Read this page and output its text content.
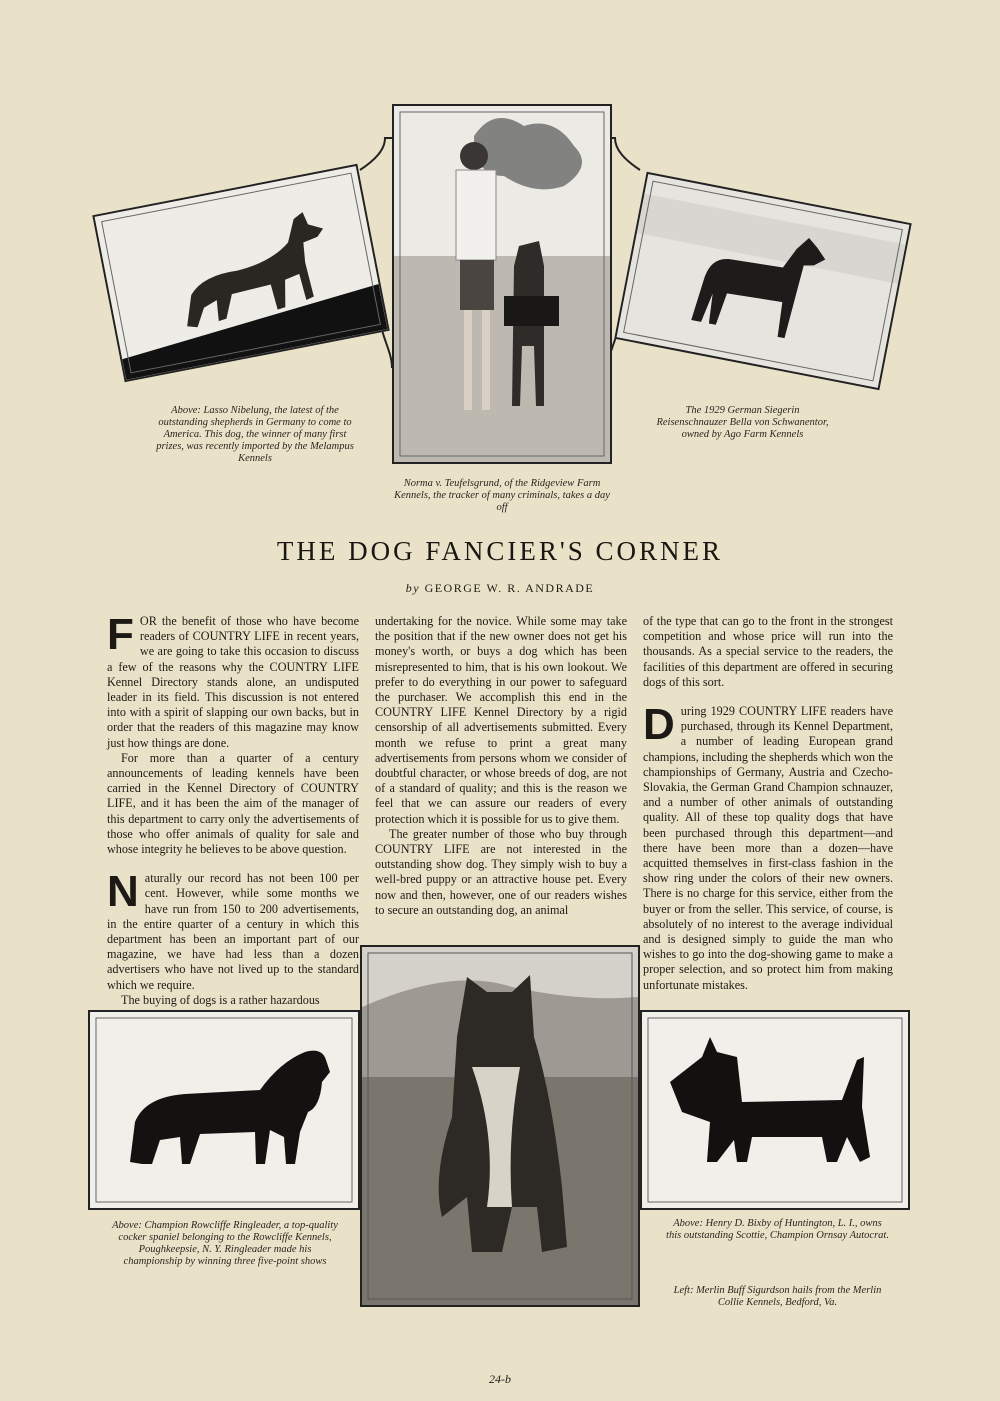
Above: Lasso Nibelung, the latest of the outstanding shepherds in Germany to come to America. This dog, the winner of many first prizes, was recently imported by the Melampus Kennels
Norma v. Teufelsgrund, of the Ridgeview Farm Kennels, the tracker of many criminals, takes a day off
The 1929 German Siegerin Reisenschnauzer Bella von Schwanentor, owned by Ago Farm Kennels
THE DOG FANCIER'S CORNER
by GEORGE W. R. ANDRADE

FOR the benefit of those who have become readers of COUNTRY LIFE in recent years, we are going to take this occasion to discuss a few of the reasons why the COUNTRY LIFE Kennel Directory stands alone, an undisputed leader in its field. This discussion is not entered into with a spirit of slapping our own backs, but in order that the readers of this magazine may know just how things are done.

For more than a quarter of a century announcements of leading kennels have been carried in the Kennel Directory of COUNTRY LIFE, and it has been the aim of the manager of this department to carry only the advertisements of those who offer animals of quality for sale and whose integrity he believes to be above question.

Naturally our record has not been 100 per cent. However, while some months we have run from 150 to 200 advertisements, in the entire quarter of a century in which this department has been an important part of our magazine, we have had less than a dozen advertisers who have not lived up to the standard which we require.

The buying of dogs is a rather hazardous

undertaking for the novice. While some may take the position that if the new owner does not get his money's worth, or buys a dog which has been misrepresented to him, that is his own lookout. We prefer to do everything in our power to safeguard the purchaser. We accomplish this end in the COUNTRY LIFE Kennel Directory by a rigid censorship of all advertisements submitted. Every month we refuse to print a great many advertisements from persons whom we consider of doubtful character, or whose breeds of dog, are not of a standard of quality; and this is the reason we feel that we can assure our readers of every protection which it is possible for us to give them.

The greater number of those who buy through COUNTRY LIFE are not interested in the outstanding show dog. They simply wish to buy a well-bred puppy or an attractive house pet. Every now and then, however, one of our readers wishes to secure an outstanding dog, an animal

of the type that can go to the front in the strongest competition and whose price will run into the thousands. As a special service to the readers, the facilities of this department are offered in securing dogs of this sort.

During 1929 COUNTRY LIFE readers have purchased, through its Kennel Department, a number of leading European grand champions, including the shepherds which won the championships of Germany, Austria and Czecho-Slovakia, the German Grand Champion schnauzer, and a number of other animals of outstanding quality. All of these top quality dogs that have been purchased through this department—and there have been more than a dozen—have acquitted themselves in first-class fashion in the show ring under the colors of their new owners. There is no charge for this service, either from the buyer or from the seller. This service, of course, is absolutely of no interest to the average individual and is designed simply to guide the man who wishes to go into the dog-showing game to make a proper selection, and so protect him from making unfortunate mistakes.

Above: Champion Rowcliffe Ringleader, a top-quality cocker spaniel belonging to the Rowcliffe Kennels, Poughkeepsie, N. Y. Ringleader made his championship by winning three five-point shows
Above: Henry D. Bixby of Huntington, L. I., owns this outstanding Scottie, Champion Ornsay Autocrat.
Left: Merlin Buff Sigurdson hails from the Merlin Collie Kennels, Bedford, Va.
24-b
